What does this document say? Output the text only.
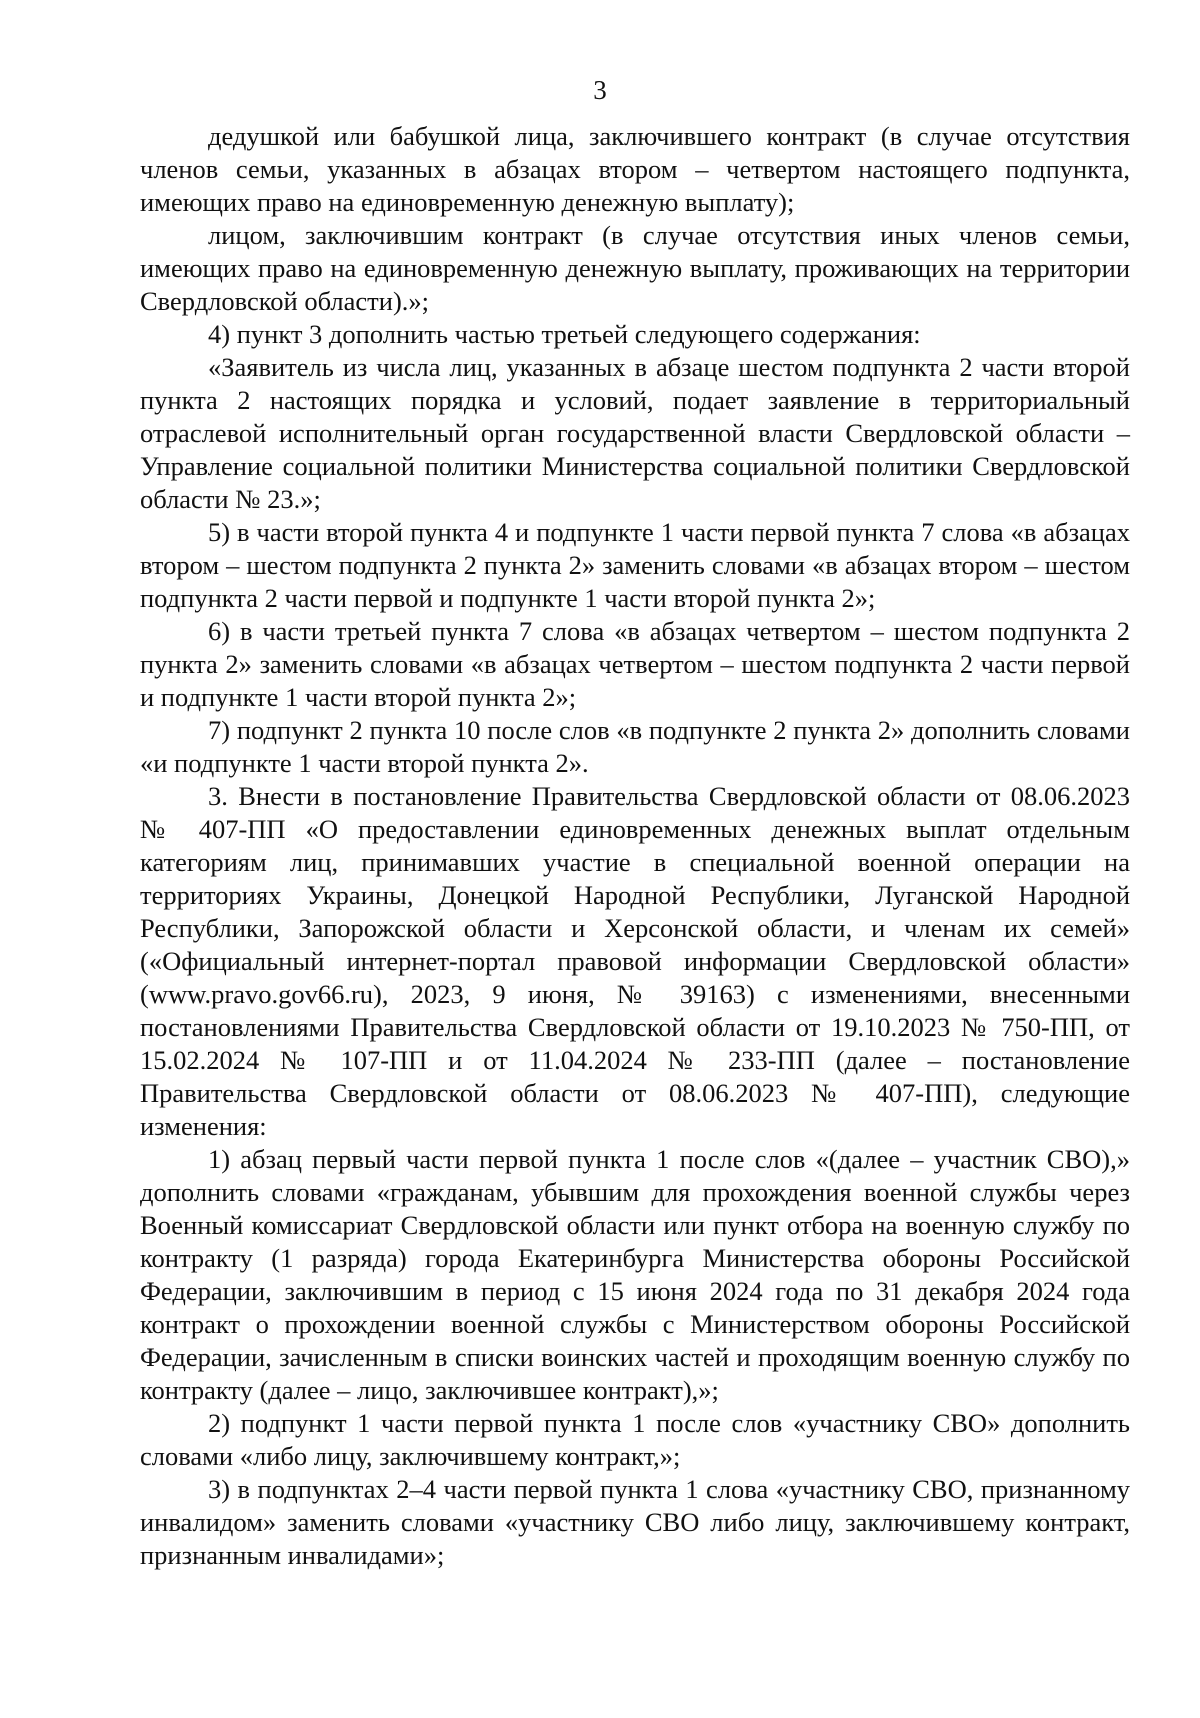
3

дедушкой или бабушкой лица, заключившего контракт (в случае отсутствия членов семьи, указанных в абзацах втором – четвертом настоящего подпункта, имеющих право на единовременную денежную выплату);

лицом, заключившим контракт (в случае отсутствия иных членов семьи, имеющих право на единовременную денежную выплату, проживающих на территории Свердловской области).»;

4) пункт 3 дополнить частью третьей следующего содержания:

«Заявитель из числа лиц, указанных в абзаце шестом подпункта 2 части второй пункта 2 настоящих порядка и условий, подает заявление в территориальный отраслевой исполнительный орган государственной власти Свердловской области – Управление социальной политики Министерства социальной политики Свердловской области № 23.»;

5) в части второй пункта 4 и подпункте 1 части первой пункта 7 слова «в абзацах втором – шестом подпункта 2 пункта 2» заменить словами «в абзацах втором – шестом подпункта 2 части первой и подпункте 1 части второй пункта 2»;

6) в части третьей пункта 7 слова «в абзацах четвертом – шестом подпункта 2 пункта 2» заменить словами «в абзацах четвертом – шестом подпункта 2 части первой и подпункте 1 части второй пункта 2»;

7) подпункт 2 пункта 10 после слов «в подпункте 2 пункта 2» дополнить словами «и подпункте 1 части второй пункта 2».

3. Внести в постановление Правительства Свердловской области от 08.06.2023 № 407-ПП «О предоставлении единовременных денежных выплат отдельным категориям лиц, принимавших участие в специальной военной операции на территориях Украины, Донецкой Народной Республики, Луганской Народной Республики, Запорожской области и Херсонской области, и членам их семей» («Официальный интернет-портал правовой информации Свердловской области» (www.pravo.gov66.ru), 2023, 9 июня, № 39163) с изменениями, внесенными постановлениями Правительства Свердловской области от 19.10.2023 № 750-ПП, от 15.02.2024 № 107-ПП и от 11.04.2024 № 233-ПП (далее – постановление Правительства Свердловской области от 08.06.2023 № 407-ПП), следующие изменения:

1) абзац первый части первой пункта 1 после слов «(далее – участник СВО),» дополнить словами «гражданам, убывшим для прохождения военной службы через Военный комиссариат Свердловской области или пункт отбора на военную службу по контракту (1 разряда) города Екатеринбурга Министерства обороны Российской Федерации, заключившим в период с 15 июня 2024 года по 31 декабря 2024 года контракт о прохождении военной службы с Министерством обороны Российской Федерации, зачисленным в списки воинских частей и проходящим военную службу по контракту (далее – лицо, заключившее контракт),»;

2) подпункт 1 части первой пункта 1 после слов «участнику СВО» дополнить словами «либо лицу, заключившему контракт,»;

3) в подпунктах 2–4 части первой пункта 1 слова «участнику СВО, признанному инвалидом» заменить словами «участнику СВО либо лицу, заключившему контракт, признанным инвалидами»;
